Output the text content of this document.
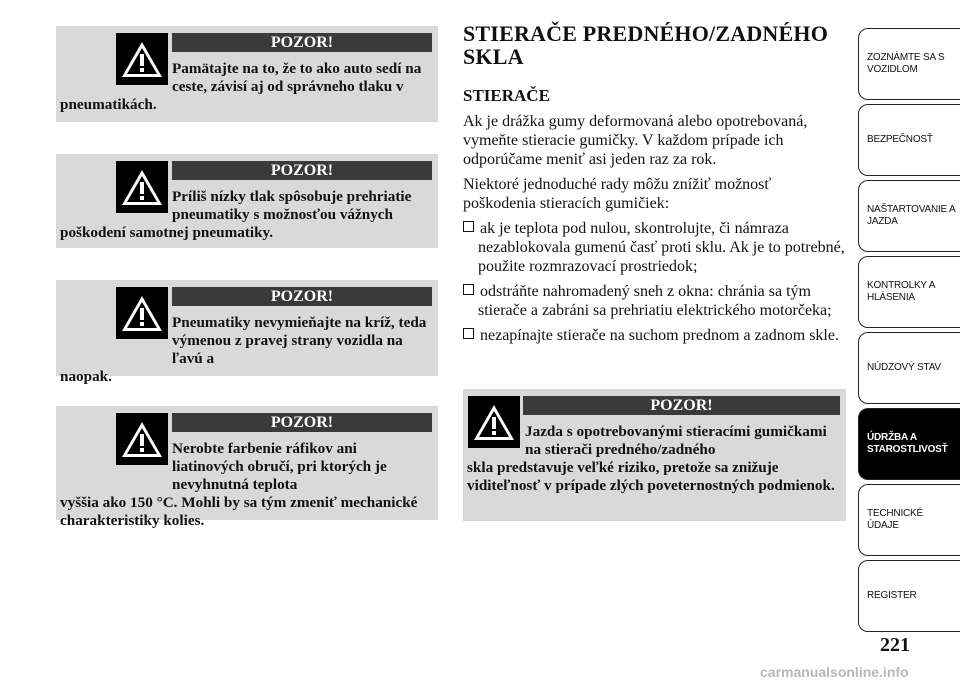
POZOR!
Pamätajte na to, že to ako auto sedí na ceste, závisí aj od správneho tlaku v
pneumatikách.
POZOR!
Príliš nízky tlak spôsobuje prehriatie pneumatiky s možnosťou vážnych
poškodení samotnej pneumatiky.
POZOR!
Pneumatiky nevymieňajte na kríž, teda výmenou z pravej strany vozidla na ľavú a
naopak.
POZOR!
Nerobte farbenie ráfikov ani liatinových obručí, pri ktorých je nevyhnutná teplota
vyššia ako 150 °C. Mohli by sa tým zmeniť mechanické charakteristiky kolies.
STIERAČE PREDNÉHO/ZADNÉHO SKLA
STIERAČE

Ak je drážka gumy deformovaná alebo opotrebovaná, vymeňte stieracie gumičky. V každom prípade ich odporúčame meniť asi jeden raz za rok.

Niektoré jednoduché rady môžu znížiť možnosť poškodenia stieracích gumičiek:

ak je teplota pod nulou, skontrolujte, či námraza nezablokovala gumenú časť proti sklu. Ak je to potrebné, použite rozmrazovací prostriedok;
odstráňte nahromadený sneh z okna: chránia sa tým stierače a zabráni sa prehriatiu elektrického motorčeka;
nezapínajte stierače na suchom prednom a zadnom skle.
POZOR!
Jazda s opotrebovanými stieracími gumičkami na stierači predného/zadného
skla predstavuje veľké riziko, pretože sa znižuje viditeľnosť v prípade zlých poveternostných podmienok.
ZOZNÁMTE SA S VOZIDLOM
BEZPEČNOSŤ
NAŠTARTOVANIE A JAZDA
KONTROLKY A HLÁSENIA
NÚDZOVÝ STAV
ÚDRŽBA A STAROSTLIVOSŤ
TECHNICKÉ ÚDAJE
REGISTER
221
carmanualsonline.info
